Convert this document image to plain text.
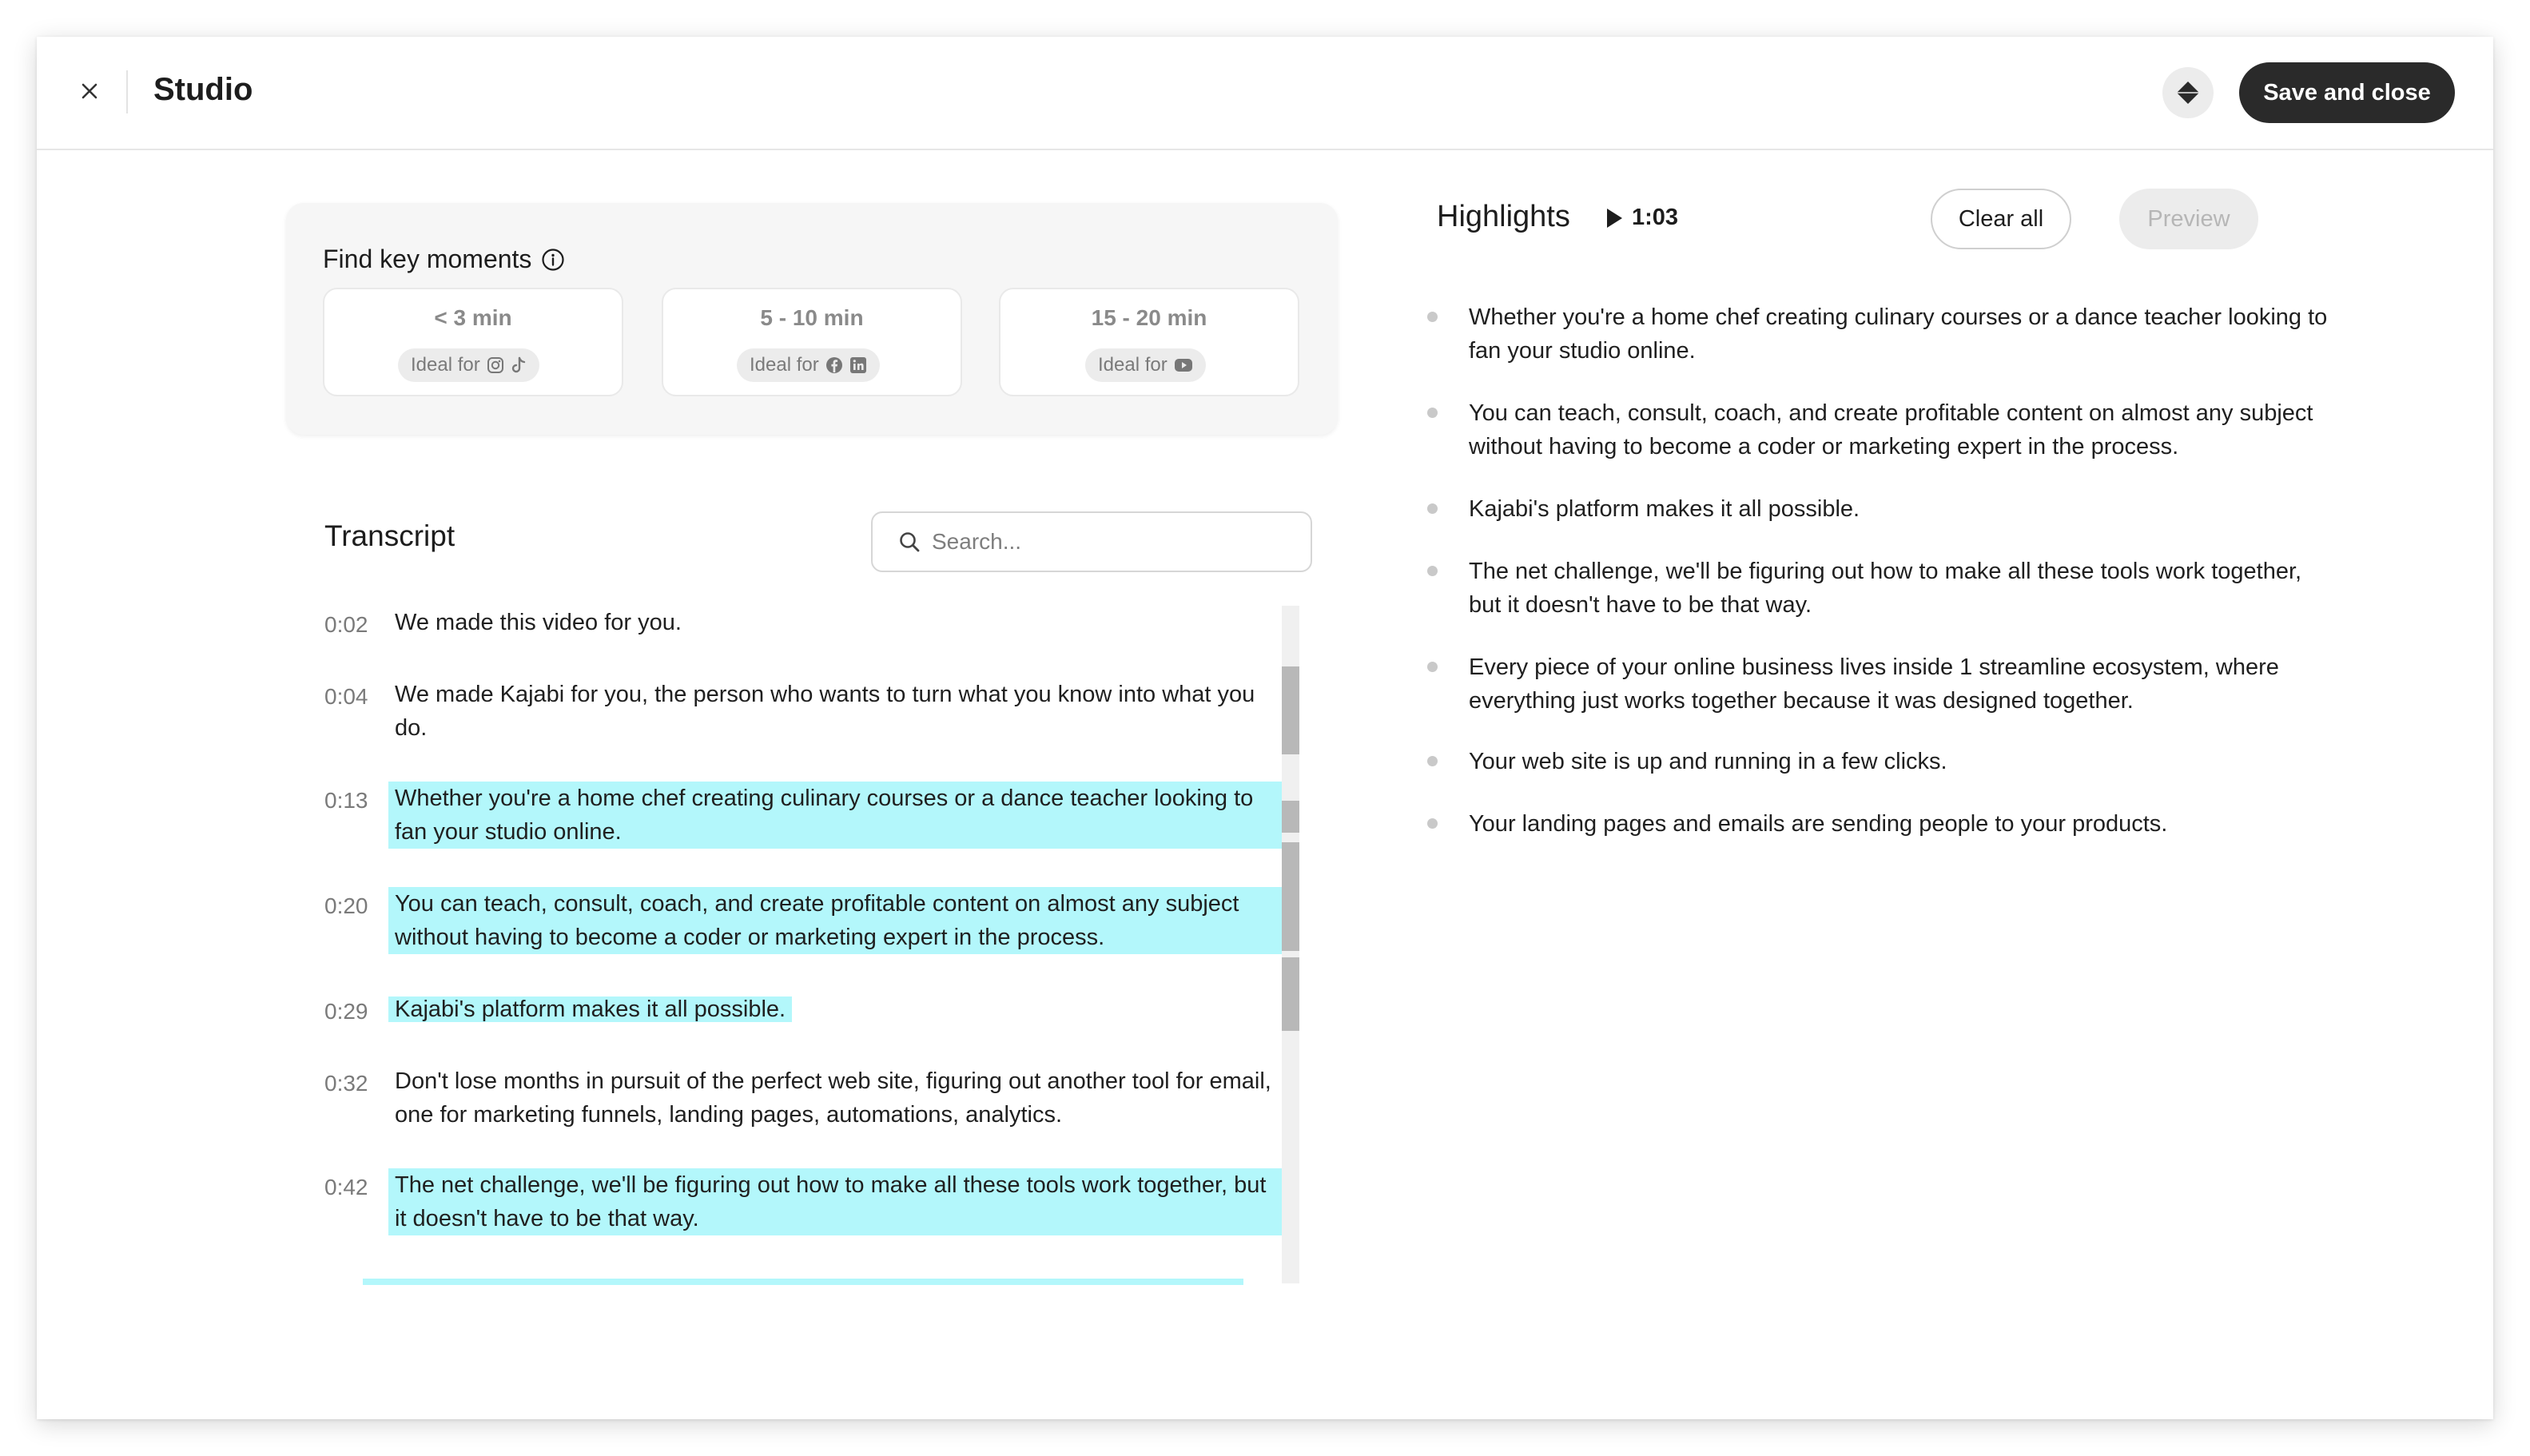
Studio	Save and close
Find key moments
< 3 min
Ideal for
5 - 10 min
Ideal for
15 - 20 min
Ideal for
Transcript
Search...
0:02 We made this video for you.
0:04 We made Kajabi for you, the person who wants to turn what you know into what you do.
0:13 Whether you're a home chef creating culinary courses or a dance teacher looking to fan your studio online.
0:20 You can teach, consult, coach, and create profitable content on almost any subject without having to become a coder or marketing expert in the process.
0:29 Kajabi's platform makes it all possible.
0:32 Don't lose months in pursuit of the perfect web site, figuring out another tool for email, one for marketing funnels, landing pages, automations, analytics.
0:42 The net challenge, we'll be figuring out how to make all these tools work together, but it doesn't have to be that way.
Highlights	1:03	Clear all	Preview
Whether you're a home chef creating culinary courses or a dance teacher looking to fan your studio online.
You can teach, consult, coach, and create profitable content on almost any subject without having to become a coder or marketing expert in the process.
Kajabi's platform makes it all possible.
The net challenge, we'll be figuring out how to make all these tools work together, but it doesn't have to be that way.
Every piece of your online business lives inside 1 streamline ecosystem, where everything just works together because it was designed together.
Your web site is up and running in a few clicks.
Your landing pages and emails are sending people to your products.
